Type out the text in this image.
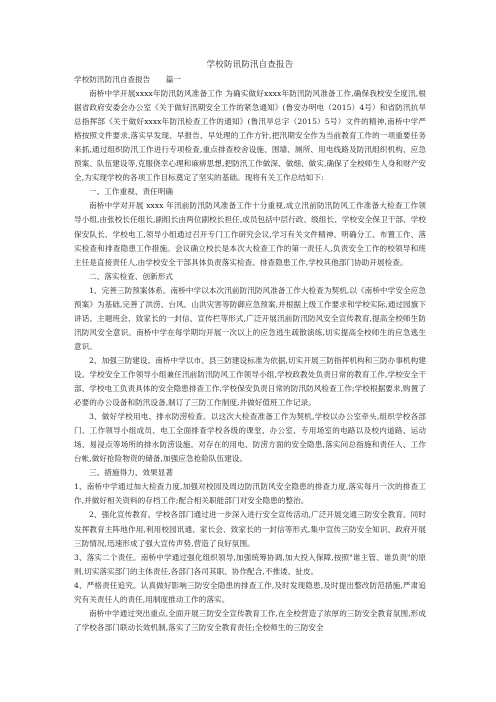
学校防讯防汛自查报告

学校防汛防汛自查报告　　篇一

南桥中学开展xxxx年防汛防风准备工作 为确实做好xxxx年防汛防风准备工作,确保我校安全度汛,根据省政府安委会办公室《关于做好汛期安全工作的紧急通知》(鲁安办明电（2015）4号）和省防汛抗旱总指挥部《关于做好xxxx年防汛检查工作的通知》(鲁汛旱总字（2015）5号）文件的精神,南桥中学严格按照文件要求,落实早发现、早报告、早处理的工作方针,把汛期安全作为当前教育工作的一项重要任务来抓,通过组织防汛工作进行专项检查,重点排查校舍设施、围墙、厕所、用电线路及防汛组织机构、应急预案、队伍建设等,克服侥幸心理和麻痹思想,把防汛工作做深、做细、做实,确保了全校师生人身和财产安全,为实现学校的各项工作目标奠定了坚实的基础。现将有关工作总结如下:

一、工作重视、责任明确

南桥中学对开展 xxxx 年汛前防汛防风准备工作十分重视,成立汛前防汛防风工作准备大检查工作领导小组,由张校长任组长,副组长由两位副校长担任,成员包括中层行政、级组长、学校安全保卫干部、学校保安队长、学校电工,领导小组通过召开专门工作研究会议,学习有关文件精神、明确分工、布置工作、落实检查和排查隐患工作措施。会议确立校长是本次大检查工作的第一责任人,负责安全工作的校领导和班主任是直接责任人,由学校安全干部具体负责落实检查、排查隐患工作,学校其他部门协助开展检查。

二、落实检查、创新形式

1、完善三防预案体系。南桥中学以本次汛前防汛防风准备工作大检查为契机,以《南桥中学安全应急预案》为基础,完善了洪涝、台风、山洪灾害等防御应急预案,并根据上级工作要求和学校实际,通过园旗下讲话、主题班会、致家长的一封信、宣传栏等形式,广泛开展汛前防汛防风安全宣传教育,提高全校师生防汛防风安全意识。南桥中学在每学期均开展一次以上的应急逃生疏散演练,切实提高全校师生的应急逃生意识。

2、加强三防建设。南桥中学以市、县三防建设标准为依据,切实开展三防指挥机构和三防办事机构建设。学校安全工作领导小组兼任汛前防汛防风工作领导小组,学校政教处负责日常的教育工作,学校安全干部、学校电工负责具体的安全隐患排查工作,学校保安负责日常的防汛防风检查工作;学校根据要求,购置了必要的办公设备和防汛设备,制订了三防工作制度,并做好值班工作记录。

3、做好学校用电、排水防涝检查。以这次大检查准备工作为契机,学校以办公室牵头,组织学校各部门、工作领导小组成员、电工全面排查学校各级的课堂、办公室、专用场室的电路以及校内道路、运动场、易浸点等场所的排水防涝设施。对存在的用电、防涝方面的安全隐患,落实问总指施和责任人、工作台帐,做好抢险物资的储备,加强应急抢险队伍建设。

三、措施得力、效果显著

1、南桥中学通过加大检查力度,加强对校园及周边防汛防风安全隐患的排查力度,落实每月一次的排查工作,并做好相关资料的存档工作;配合相关职能部门对安全隐患的整治。

2、强化宣传教育。学校各部门通过进一步深入进行安全宣传活动,广泛开展交通三防安全教育。同时发挥教育主阵地作用,利用校园讯通、家长会、致家长的一封信等形式,集中宣传三防安全知识、政府开展三防情况,迅速形成了强大宣传声势,营造了良好氛围。

3、落实二个责任。南桥中学通过强化组织领导,加强统筹协调,加大投入保障,按照"谁主管、谁负责"的原则,切实落实部门的主体责任,各部门各司其职、协作配合,不推诿、扯皮。

4、严格责任追究。认真做好影响三防安全隐患的排查工作,及时发现隐患,及时提出整改防范措施,严肃追究有关责任人的责任,用制度推动工作的落实。

南桥中学通过突出重点,全面开展三防安全宣传教育工作,在全校营造了浓厚的三防安全教育氛围,形成了学校各部门联动长效机制,落实了三防安全教育责任;全校师生的三防安全
